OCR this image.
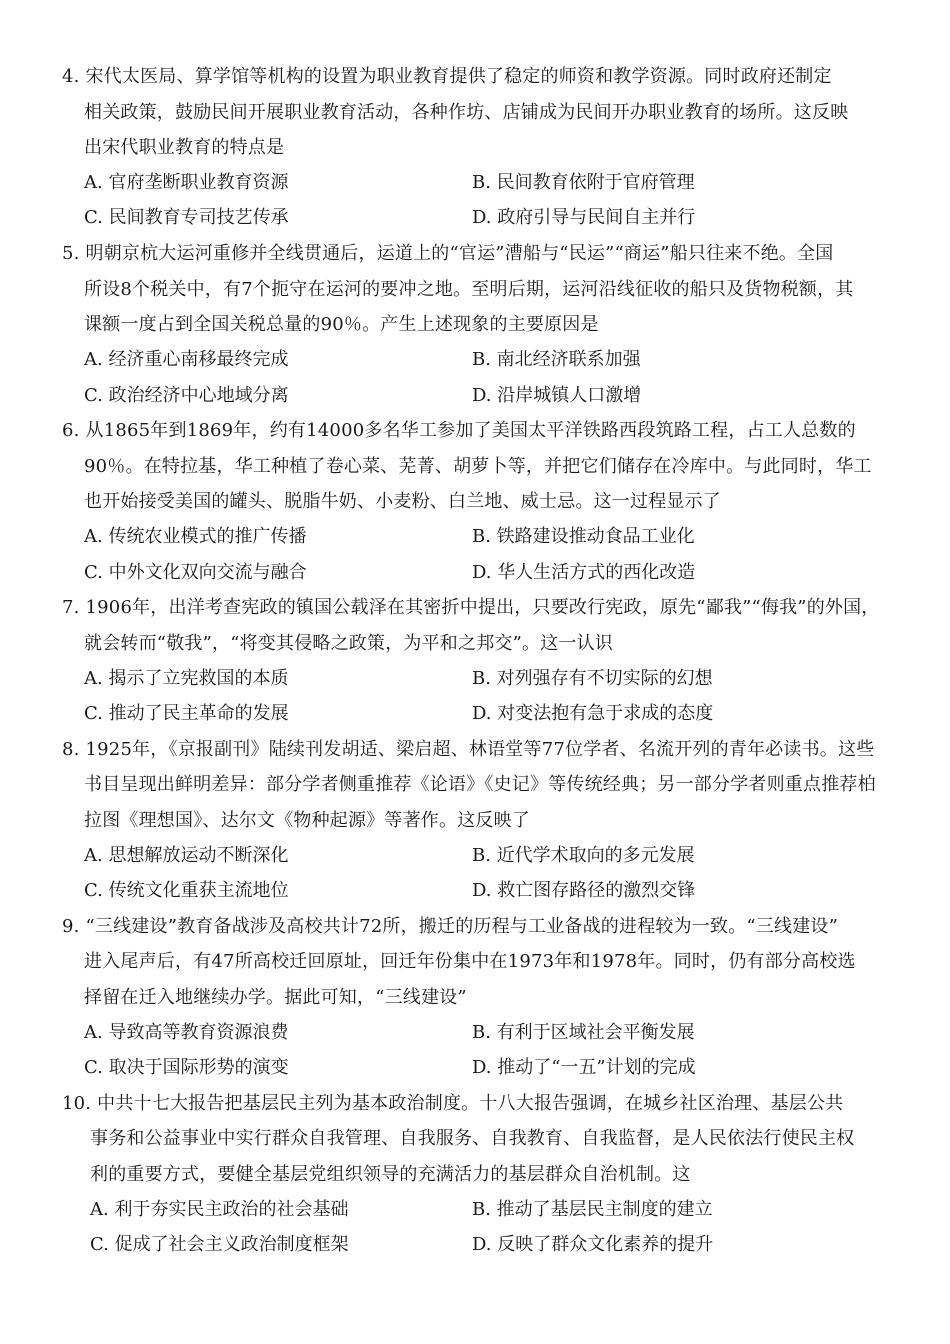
4. 宋代太医局、算学馆等机构的设置为职业教育提供了稳定的师资和教学资源。同时政府还制定
相关政策，鼓励民间开展职业教育活动，各种作坊、店铺成为民间开办职业教育的场所。这反映
出宋代职业教育的特点是
A. 官府垄断职业教育资源	B. 民间教育依附于官府管理
C. 民间教育专司技艺传承	D. 政府引导与民间自主并行
5. 明朝京杭大运河重修并全线贯通后，运道上的“官运”漕船与“民运”“商运”船只往来不绝。全国
所设8个税关中，有7个扼守在运河的要冲之地。至明后期，运河沿线征收的船只及货物税额，其
课额一度占到全国关税总量的90％。产生上述现象的主要原因是
A. 经济重心南移最终完成	B. 南北经济联系加强
C. 政治经济中心地域分离	D. 沿岸城镇人口激增
6. 从1865年到1869年，约有14000多名华工参加了美国太平洋铁路西段筑路工程，占工人总数的
90％。在特拉基，华工种植了卷心菜、芜菁、胡萝卜等，并把它们储存在冷库中。与此同时，华工
也开始接受美国的罐头、脱脂牛奶、小麦粉、白兰地、威士忌。这一过程显示了
A. 传统农业模式的推广传播	B. 铁路建设推动食品工业化
C. 中外文化双向交流与融合	D. 华人生活方式的西化改造
7. 1906年，出洋考查宪政的镇国公载泽在其密折中提出，只要改行宪政，原先“鄙我”“侮我”的外国，
就会转而“敬我”，“将变其侵略之政策，为平和之邦交”。这一认识
A. 揭示了立宪救国的本质	B. 对列强存有不切实际的幻想
C. 推动了民主革命的发展	D. 对变法抱有急于求成的态度
8. 1925年，《京报副刊》陆续刊发胡适、梁启超、林语堂等77位学者、名流开列的青年必读书。这些
书目呈现出鲜明差异：部分学者侧重推荐《论语》《史记》等传统经典；另一部分学者则重点推荐柏
拉图《理想国》、达尔文《物种起源》等著作。这反映了
A. 思想解放运动不断深化	B. 近代学术取向的多元发展
C. 传统文化重获主流地位	D. 救亡图存路径的激烈交锋
9. “三线建设”教育备战涉及高校共计72所，搬迁的历程与工业备战的进程较为一致。“三线建设”
进入尾声后，有47所高校迁回原址，回迁年份集中在1973年和1978年。同时，仍有部分高校选
择留在迁入地继续办学。据此可知，“三线建设”
A. 导致高等教育资源浪费	B. 有利于区域社会平衡发展
C. 取决于国际形势的演变	D. 推动了“一五”计划的完成
10. 中共十七大报告把基层民主列为基本政治制度。十八大报告强调，在城乡社区治理、基层公共
事务和公益事业中实行群众自我管理、自我服务、自我教育、自我监督，是人民依法行使民主权
利的重要方式，要健全基层党组织领导的充满活力的基层群众自治机制。这
A. 利于夯实民主政治的社会基础	B. 推动了基层民主制度的建立
C. 促成了社会主义政治制度框架	D. 反映了群众文化素养的提升
